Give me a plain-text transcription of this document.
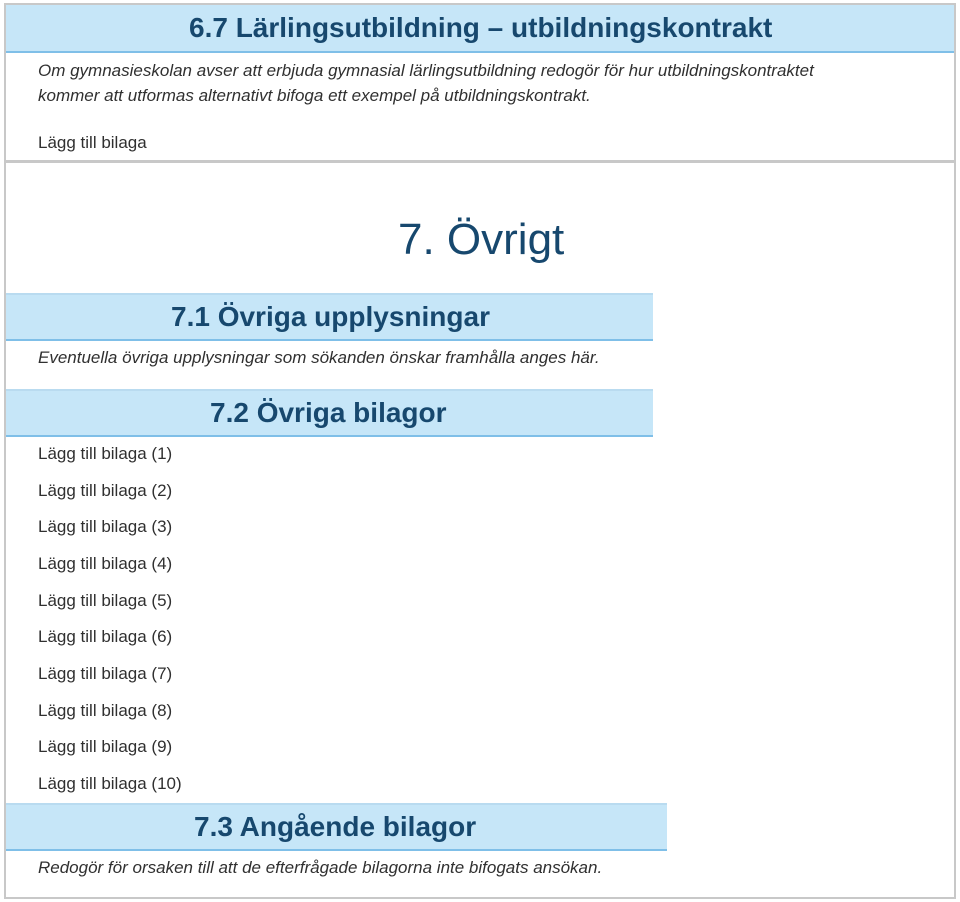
6.7 Lärlingsutbildning – utbildningskontrakt
Om gymnasieskolan avser att erbjuda gymnasial lärlingsutbildning redogör för hur utbildningskontraktet
kommer att utformas alternativt bifoga ett exempel på utbildningskontrakt.
Lägg till bilaga
7. Övrigt
7.1 Övriga upplysningar
Eventuella övriga upplysningar som sökanden önskar framhålla anges här.
7.2 Övriga bilagor
Lägg till bilaga (1)
Lägg till bilaga (2)
Lägg till bilaga (3)
Lägg till bilaga (4)
Lägg till bilaga (5)
Lägg till bilaga (6)
Lägg till bilaga (7)
Lägg till bilaga (8)
Lägg till bilaga (9)
Lägg till bilaga (10)
7.3 Angående bilagor
Redogör för orsaken till att de efterfrågade bilagorna inte bifogats ansökan.
